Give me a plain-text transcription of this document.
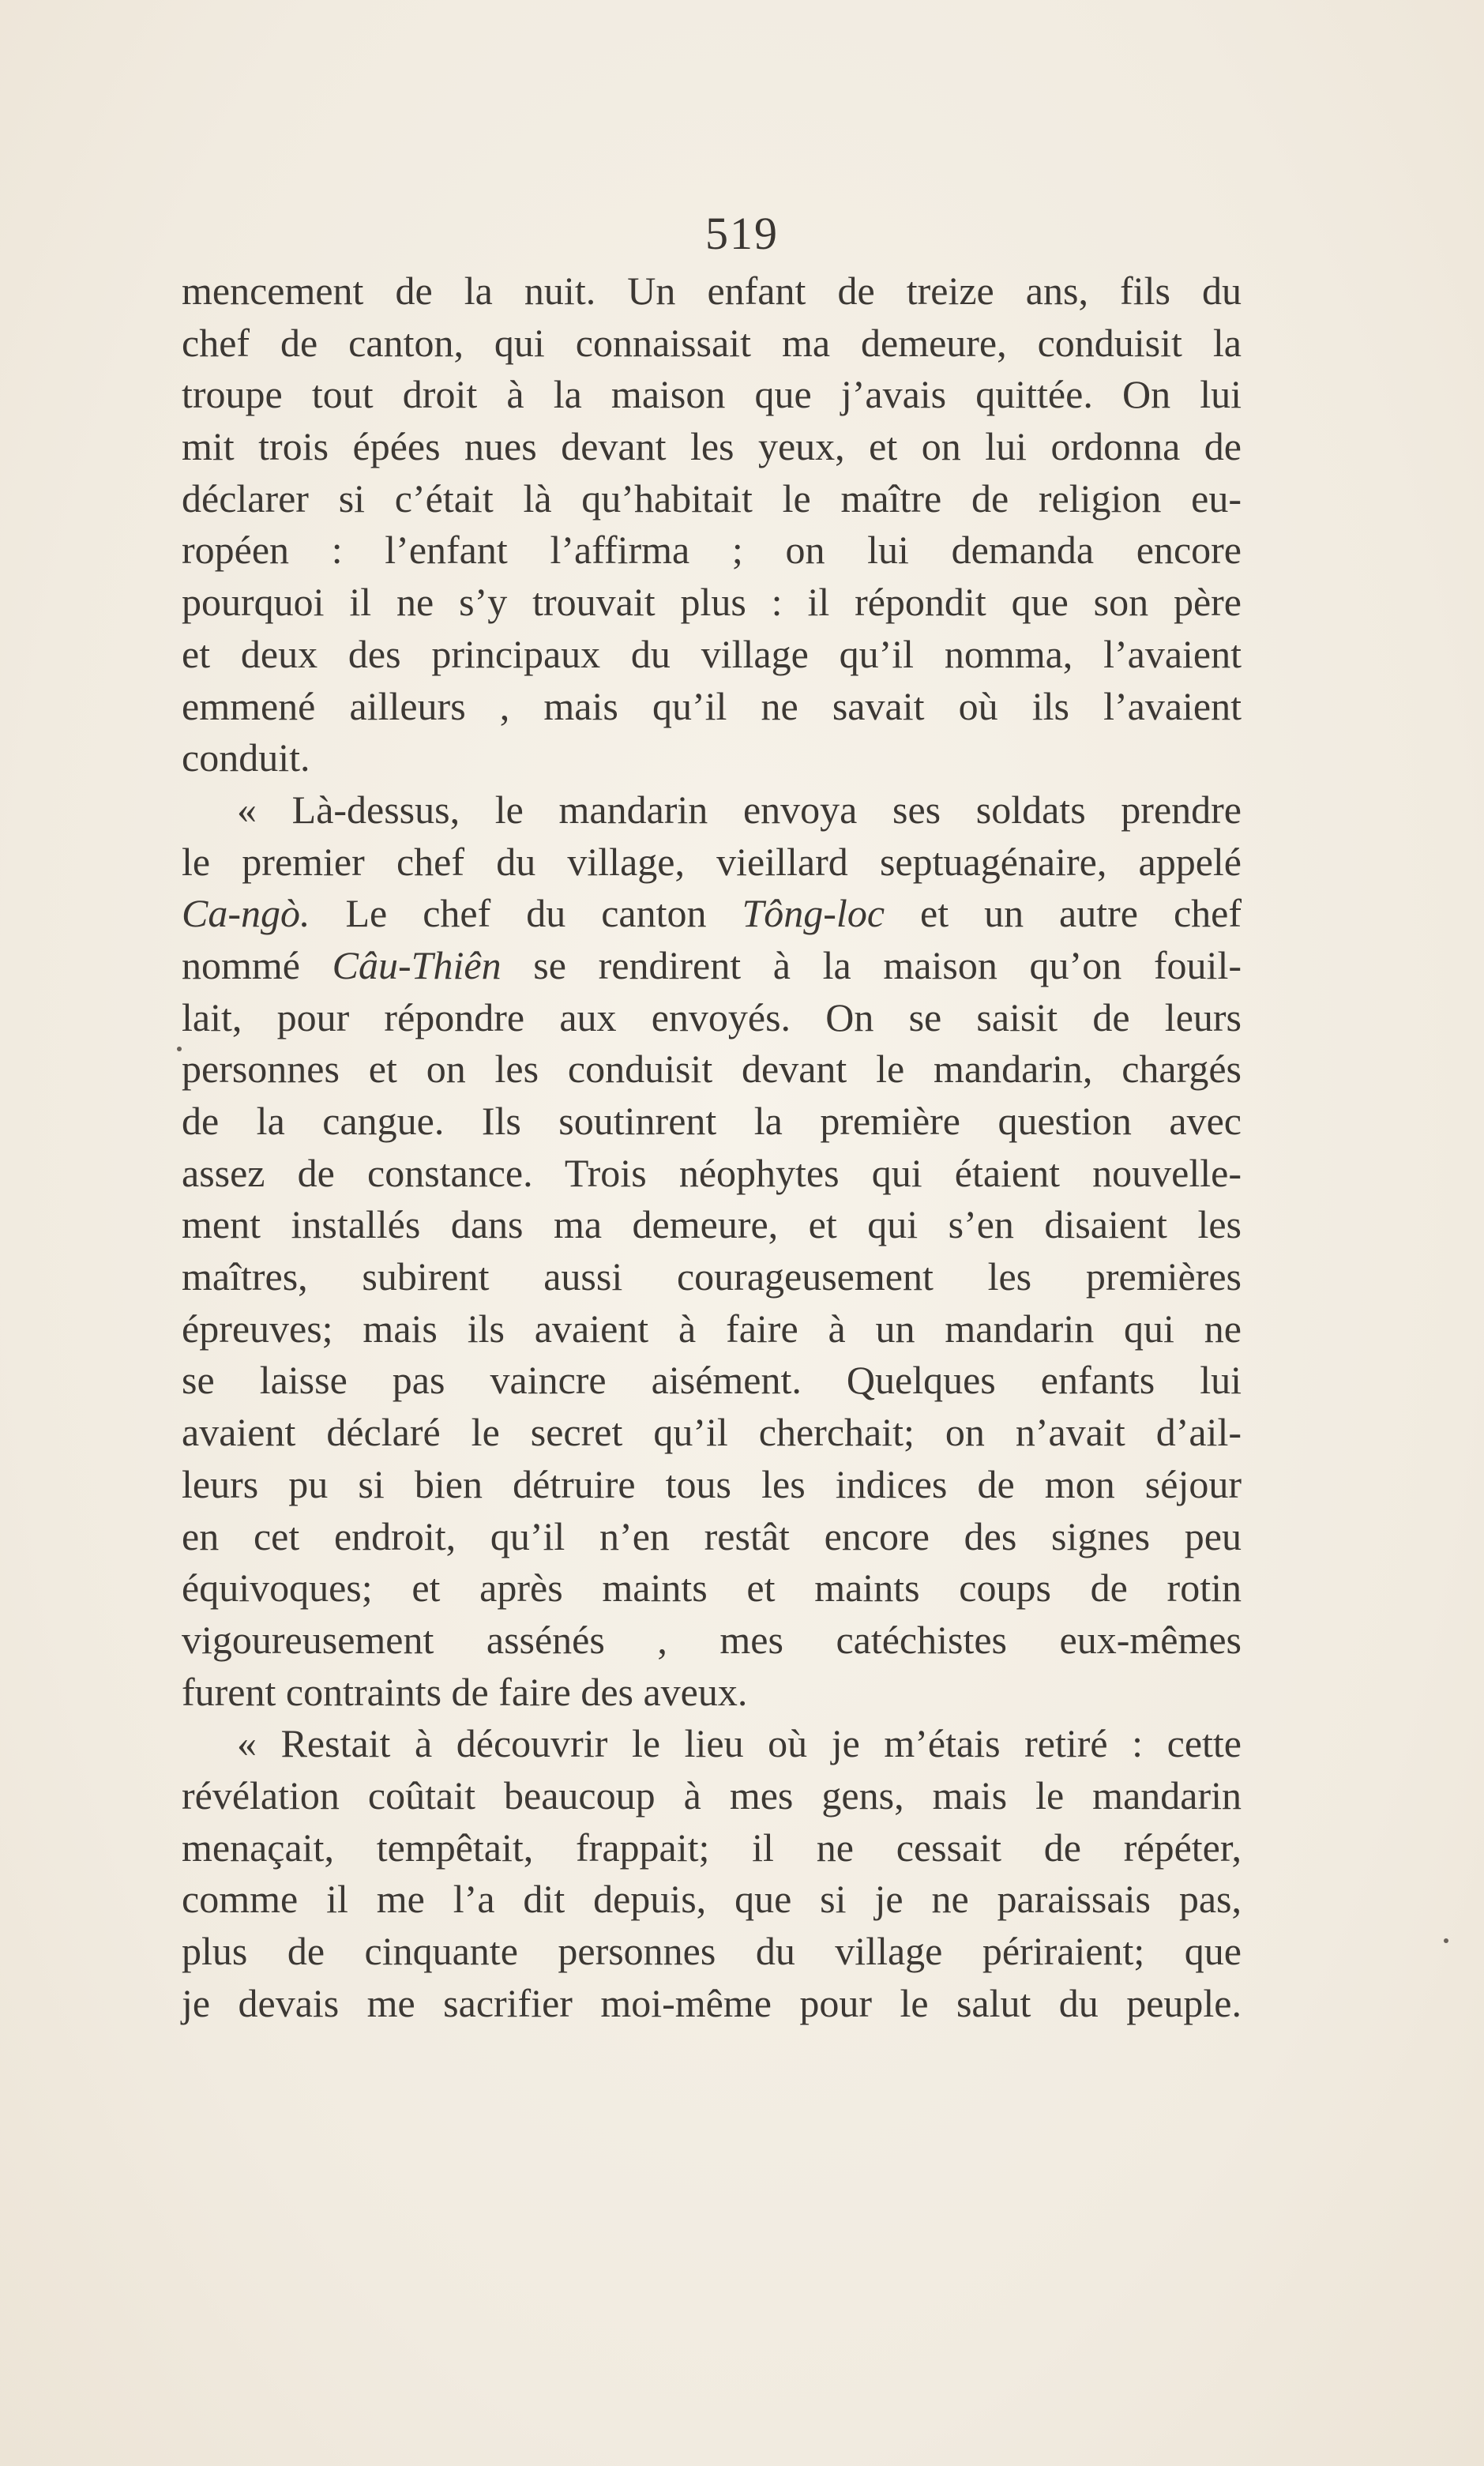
519
mencement de la nuit. Un enfant de treize ans, fils du
chef de canton, qui connaissait ma demeure, conduisit la
troupe tout droit à la maison que j’avais quittée. On lui
mit trois épées nues devant les yeux, et on lui ordonna de
déclarer si c’était là qu’habitait le maître de religion eu-
ropéen : l’enfant l’affirma ; on lui demanda encore
pourquoi il ne s’y trouvait plus : il répondit que son père
et deux des principaux du village qu’il nomma, l’avaient
emmené ailleurs , mais qu’il ne savait où ils l’avaient
conduit.
« Là-dessus, le mandarin envoya ses soldats prendre
le premier chef du village, vieillard septuagénaire, appelé
Ca-ngò. Le chef du canton Tông-loc et un autre chef
nommé Câu-Thiên se rendirent à la maison qu’on fouil-
lait, pour répondre aux envoyés. On se saisit de leurs
personnes et on les conduisit devant le mandarin, chargés
de la cangue. Ils soutinrent la première question avec
assez de constance. Trois néophytes qui étaient nouvelle-
ment installés dans ma demeure, et qui s’en disaient les
maîtres, subirent aussi courageusement les premières
épreuves; mais ils avaient à faire à un mandarin qui ne
se laisse pas vaincre aisément. Quelques enfants lui
avaient déclaré le secret qu’il cherchait; on n’avait d’ail-
leurs pu si bien détruire tous les indices de mon séjour
en cet endroit, qu’il n’en restât encore des signes peu
équivoques; et après maints et maints coups de rotin
vigoureusement assénés , mes catéchistes eux-mêmes
furent contraints de faire des aveux.
« Restait à découvrir le lieu où je m’étais retiré : cette
révélation coûtait beaucoup à mes gens, mais le mandarin
menaçait, tempêtait, frappait; il ne cessait de répéter,
comme il me l’a dit depuis, que si je ne paraissais pas,
plus de cinquante personnes du village périraient; que
je devais me sacrifier moi-même pour le salut du peuple.
